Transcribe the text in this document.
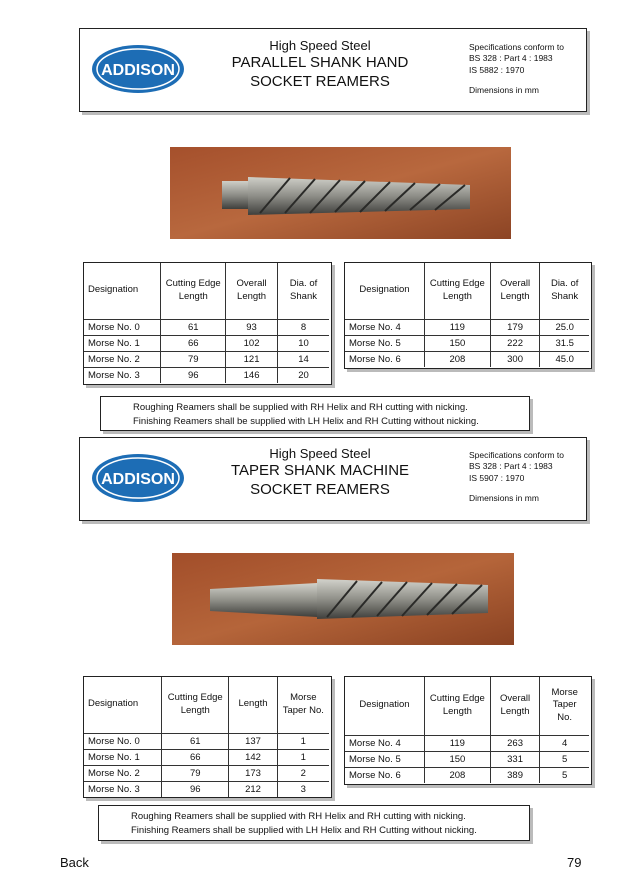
ADDISON
High Speed Steel
PARALLEL SHANK HAND
SOCKET REAMERS
Specifications conform to
BS 328 : Part 4 : 1983
IS 5882 : 1970
Dimensions in mm
Designation	Cutting Edge Length	Overall Length	Dia. of Shank
Morse No. 0	61	93	8
Morse No. 1	66	102	10
Morse No. 2	79	121	14
Morse No. 3	96	146	20
Designation	Cutting Edge Length	Overall Length	Dia. of Shank
Morse No. 4	119	179	25.0
Morse No. 5	150	222	31.5
Morse No. 6	208	300	45.0
Roughing Reamers shall be supplied with RH Helix and RH cutting with nicking.
Finishing Reamers shall be supplied with LH Helix and RH Cutting without nicking.
ADDISON
High Speed Steel
TAPER SHANK MACHINE
SOCKET REAMERS
Specifications conform to
BS 328 : Part 4 : 1983
IS 5907 : 1970
Dimensions in mm
Designation	Cutting Edge Length	Length	Morse Taper No.
Morse No. 0	61	137	1
Morse No. 1	66	142	1
Morse No. 2	79	173	2
Morse No. 3	96	212	3
Designation	Cutting Edge Length	Overall Length	Morse Taper No.
Morse No. 4	119	263	4
Morse No. 5	150	331	5
Morse No. 6	208	389	5
Roughing Reamers shall be supplied with RH Helix and RH cutting with nicking.
Finishing Reamers shall be supplied with LH Helix and RH Cutting without nicking.
Back	79
